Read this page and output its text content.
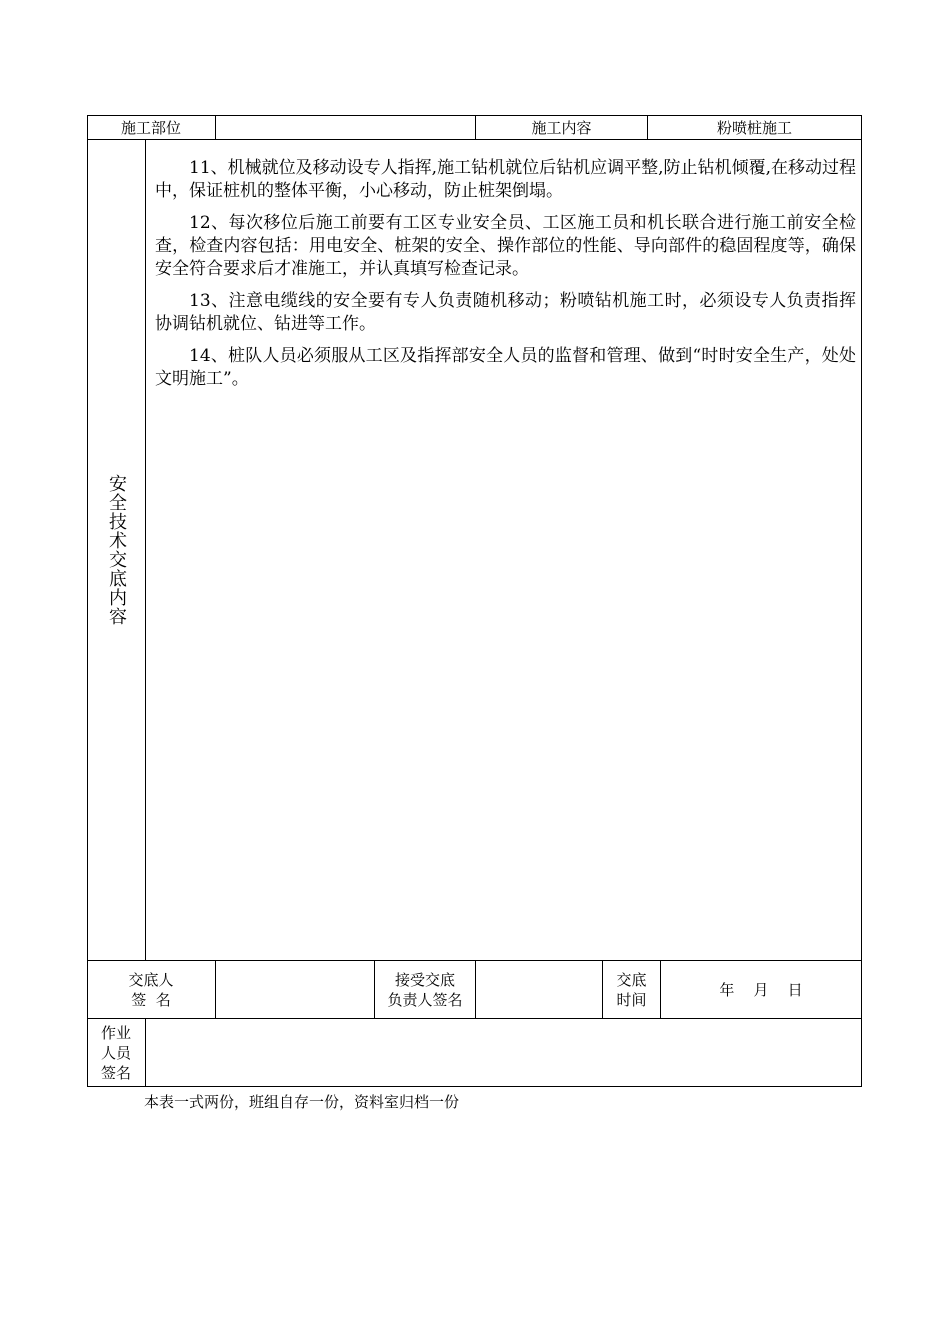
施工部位	施工内容	粉喷桩施工
安全技术交底内容

11、机械就位及移动设专人指挥,施工钻机就位后钻机应调平整,防止钻机倾覆,在移动过程中，保证桩机的整体平衡，小心移动，防止桩架倒塌。

12、每次移位后施工前要有工区专业安全员、工区施工员和机长联合进行施工前安全检查，检查内容包括：用电安全、桩架的安全、操作部位的性能、导向部件的稳固程度等，确保安全符合要求后才准施工，并认真填写检查记录。

13、注意电缆线的安全要有专人负责随机移动；粉喷钻机施工时，必须设专人负责指挥协调钻机就位、钻进等工作。

14、桩队人员必须服从工区及指挥部安全人员的监督和管理、做到“时时安全生产，处处文明施工”。

交底人
签  名
接受交底
负责人签名
交底
时间
年    月    日
作业
人员
签名
本表一式两份，班组自存一份，资料室归档一份
